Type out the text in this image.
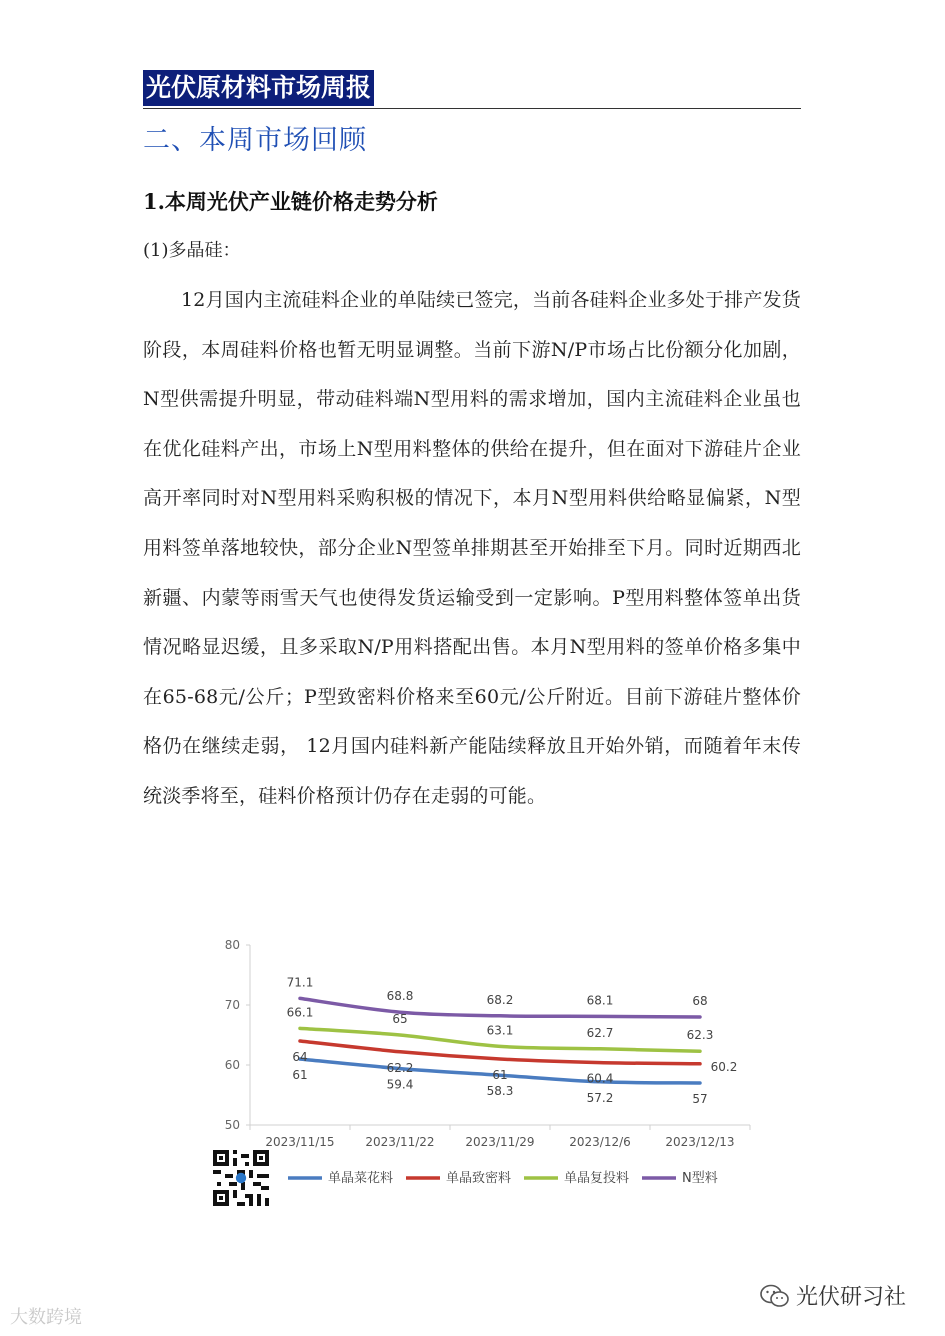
光伏原材料市场周报
二、本周市场回顾
1.本周光伏产业链价格走势分析
(1)多晶硅：

12月国内主流硅料企业的单陆续已签完，当前各硅料企业多处于排产发货阶段，本周硅料价格也暂无明显调整。当前下游N/P市场占比份额分化加剧，N型供需提升明显，带动硅料端N型用料的需求增加，国内主流硅料企业虽也在优化硅料产出，市场上N型用料整体的供给在提升，但在面对下游硅片企业高开率同时对N型用料采购积极的情况下，本月N型用料供给略显偏紧，N型用料签单落地较快，部分企业N型签单排期甚至开始排至下月。同时近期西北新疆、内蒙等雨雪天气也使得发货运输受到一定影响。P型用料整体签单出货情况略显迟缓，且多采取N/P用料搭配出售。本月N型用料的签单价格多集中在65-68元/公斤；P型致密料价格来至60元/公斤附近。目前下游硅片整体价格仍在继续走弱， 12月国内硅料新产能陆续释放且开始外销，而随着年末传统淡季将至，硅料价格预计仍存在走弱的可能。

50
60
70
80
2023/11/15	2023/11/22	2023/11/29	2023/12/6	2023/12/13
61
59.4	58.3	57.2	57
64
62.2
61	60.4
60.2
66.1	65
63.1	62.7	62.3
71.1
68.8	68.2	68.1	68
单晶菜花料	单晶致密料	单晶复投料	N型料
大数跨境
光伏研习社
